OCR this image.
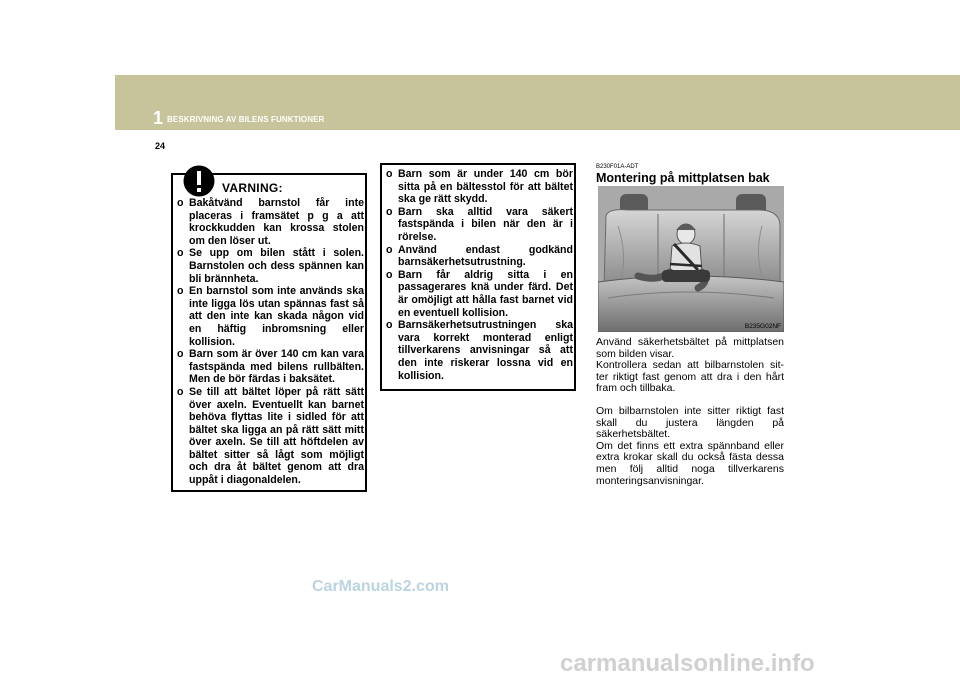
1 BESKRIVNING AV BILENS FUNKTIONER
24
VARNING:
o Bakåtvänd barnstol får inte placeras i framsätet p g a att krockkudden kan krossa stolen om den löser ut.
o Se upp om bilen stått i solen. Barnstolen och dess spännen kan bli brännheta.
o En barnstol som inte används ska inte ligga lös utan spännas fast så att den inte kan skada någon vid en häftig inbromsning eller kollision.
o Barn som är över 140 cm kan vara fastspända med bilens rullbälten. Men de bör färdas i baksätet.
o Se till att bältet löper på rätt sätt över axeln. Eventuellt kan barnet behöva flyttas lite i sidled för att bältet ska ligga an på rätt sätt mitt över axeln. Se till att höftdelen av bältet sitter så lågt som möjligt och dra åt bältet genom att dra uppåt i diagonaldelen.
o Barn som är under 140 cm bör sitta på en bältesstol för att bältet ska ge rätt skydd.
o Barn ska alltid vara säkert fastspända i bilen när den är i rörelse.
o Använd endast godkänd barnsäkerhetsutrustning.
o Barn får aldrig sitta i en passagerares knä under färd. Det är omöjligt att hålla fast barnet vid en eventuell kollision.
o Barnsäkerhetsutrustningen ska vara korrekt monterad enligt tillverkarens anvisningar så att den inte riskerar lossna vid en kollision.
B230F01A-ADT
Montering på mittplatsen bak
B235G02NF

Använd säkerhetsbältet på mittplatsen som bilden visar.

Kontrollera sedan att bilbarnstolen sit-ter riktigt fast genom att dra i den hårt fram och tillbaka.

Om bilbarnstolen inte sitter riktigt fast skall du justera längden på säkerhetsbältet.

Om det finns ett extra spännband eller extra krokar skall du också fästa dessa men följ alltid noga tillverkarens monteringsanvisningar.

CarManuals2.com
carmanualsonline.info
